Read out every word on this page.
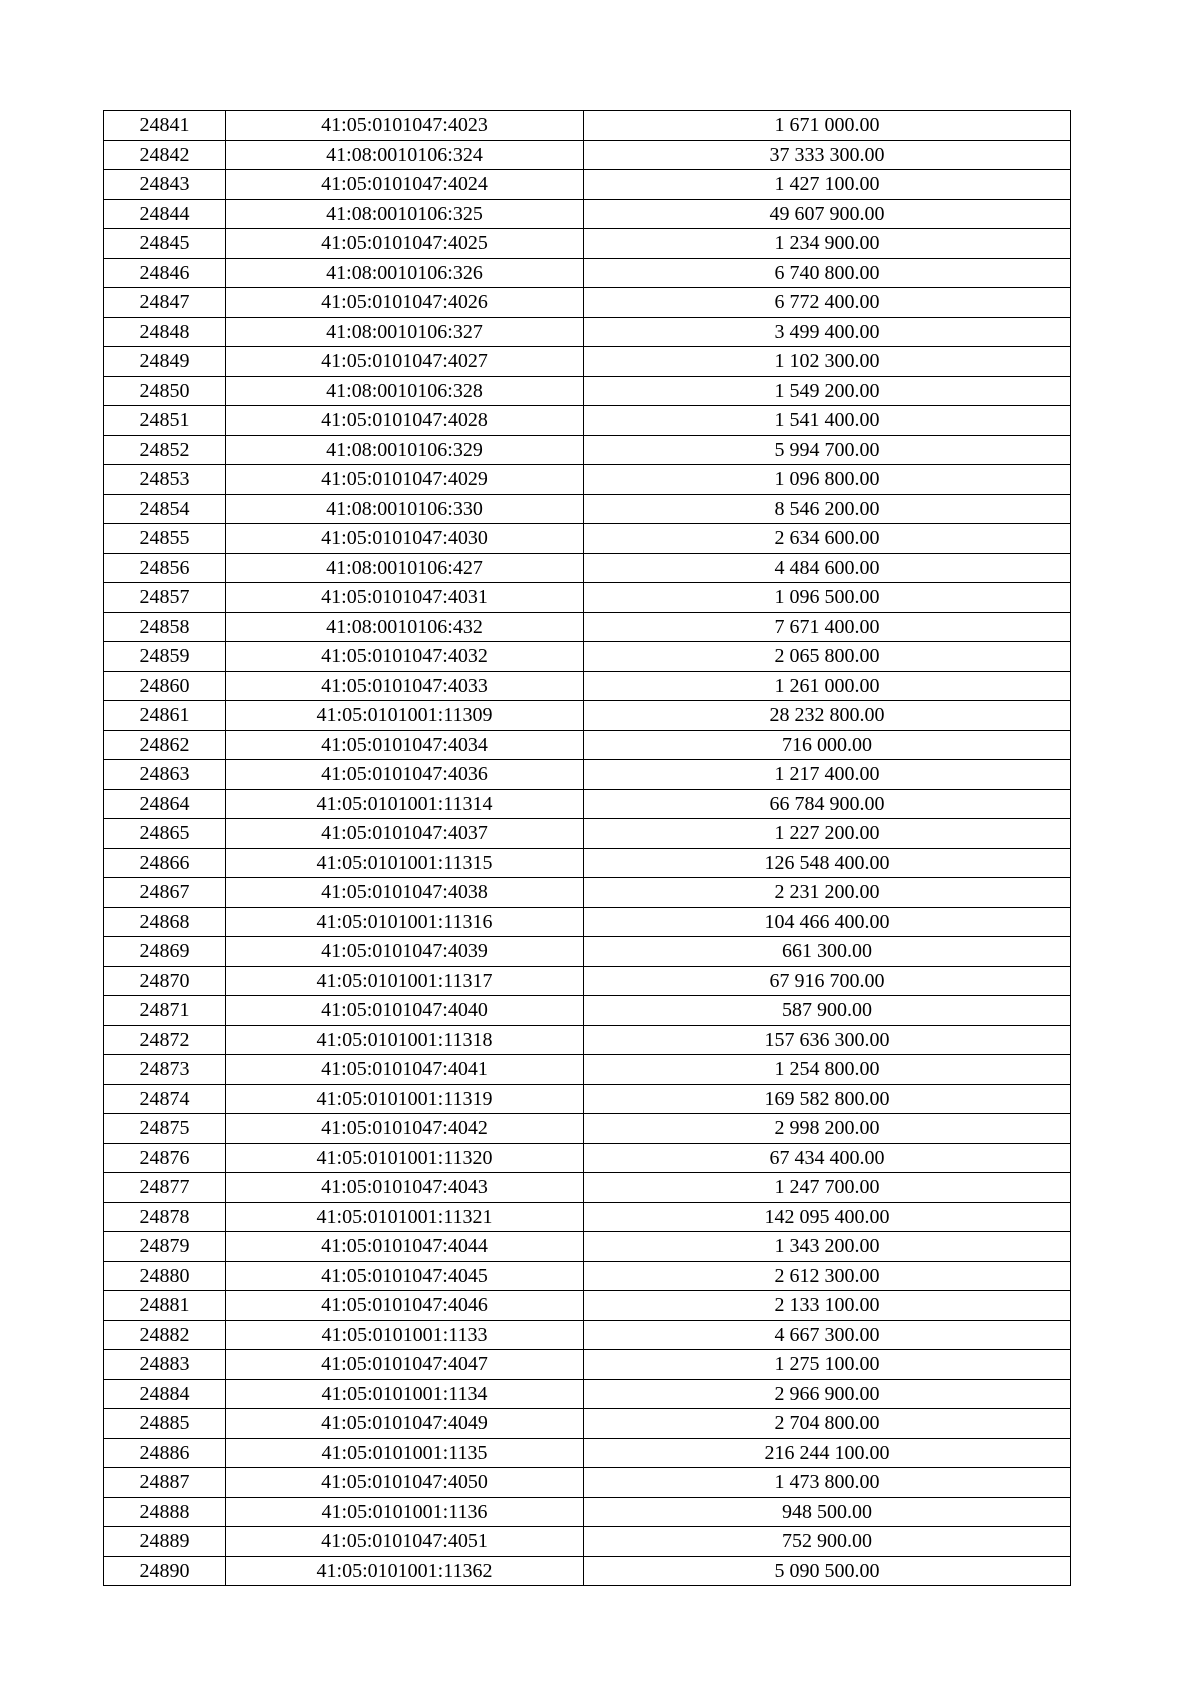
24841	41:05:0101047:4023	1 671 000.00
24842	41:08:0010106:324	37 333 300.00
24843	41:05:0101047:4024	1 427 100.00
24844	41:08:0010106:325	49 607 900.00
24845	41:05:0101047:4025	1 234 900.00
24846	41:08:0010106:326	6 740 800.00
24847	41:05:0101047:4026	6 772 400.00
24848	41:08:0010106:327	3 499 400.00
24849	41:05:0101047:4027	1 102 300.00
24850	41:08:0010106:328	1 549 200.00
24851	41:05:0101047:4028	1 541 400.00
24852	41:08:0010106:329	5 994 700.00
24853	41:05:0101047:4029	1 096 800.00
24854	41:08:0010106:330	8 546 200.00
24855	41:05:0101047:4030	2 634 600.00
24856	41:08:0010106:427	4 484 600.00
24857	41:05:0101047:4031	1 096 500.00
24858	41:08:0010106:432	7 671 400.00
24859	41:05:0101047:4032	2 065 800.00
24860	41:05:0101047:4033	1 261 000.00
24861	41:05:0101001:11309	28 232 800.00
24862	41:05:0101047:4034	716 000.00
24863	41:05:0101047:4036	1 217 400.00
24864	41:05:0101001:11314	66 784 900.00
24865	41:05:0101047:4037	1 227 200.00
24866	41:05:0101001:11315	126 548 400.00
24867	41:05:0101047:4038	2 231 200.00
24868	41:05:0101001:11316	104 466 400.00
24869	41:05:0101047:4039	661 300.00
24870	41:05:0101001:11317	67 916 700.00
24871	41:05:0101047:4040	587 900.00
24872	41:05:0101001:11318	157 636 300.00
24873	41:05:0101047:4041	1 254 800.00
24874	41:05:0101001:11319	169 582 800.00
24875	41:05:0101047:4042	2 998 200.00
24876	41:05:0101001:11320	67 434 400.00
24877	41:05:0101047:4043	1 247 700.00
24878	41:05:0101001:11321	142 095 400.00
24879	41:05:0101047:4044	1 343 200.00
24880	41:05:0101047:4045	2 612 300.00
24881	41:05:0101047:4046	2 133 100.00
24882	41:05:0101001:1133	4 667 300.00
24883	41:05:0101047:4047	1 275 100.00
24884	41:05:0101001:1134	2 966 900.00
24885	41:05:0101047:4049	2 704 800.00
24886	41:05:0101001:1135	216 244 100.00
24887	41:05:0101047:4050	1 473 800.00
24888	41:05:0101001:1136	948 500.00
24889	41:05:0101047:4051	752 900.00
24890	41:05:0101001:11362	5 090 500.00
